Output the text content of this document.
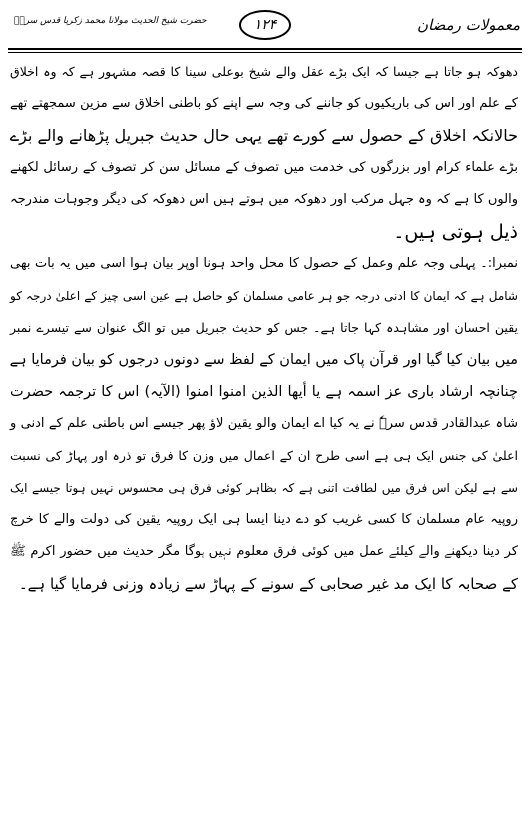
معمولات رمضان
۱۲۴
حضرت شیخ الحدیث مولانا محمد زکریا قدس سرہٗ
دھوکہ ہو جاتا ہے جیسا کہ ایک بڑے عقل والے شیخ بوعلی سینا کا قصہ مشہور ہے کہ وہ اخلاق
کے علم اور اس کی باریکیوں کو جاننے کی وجہ سے اپنے کو باطنی اخلاق سے مزین سمجھتے تھے
حالانکہ اخلاق کے حصول سے کورے تھے یہی حال حدیث جبریل پڑھانے والے بڑے
بڑے علماء کرام اور بزرگوں کی خدمت میں تصوف کے مسائل سن کر تصوف کے رسائل لکھنے
والوں کا ہے کہ وہ جہل مرکب اور دھوکہ میں ہوتے ہیں اس دھوکہ کی دیگر وجوہات مندرجہ
ذیل ہوتی ہیں۔
نمبرا:۔ پہلی وجہ علم وعمل کے حصول کا محل واحد ہونا اوپر بیان ہوا اسی میں یہ بات بھی
شامل ہے کہ ایمان کا ادنی درجہ جو ہر عامی مسلمان کو حاصل ہے عین اسی چیز کے اعلیٰ درجہ کو
یقین احسان اور مشاہدہ کہا جاتا ہے۔ جس کو حدیث جبریل میں تو الگ عنوان سے تیسرے نمبر
میں بیان کیا گیا اور قرآن پاک میں ایمان کے لفظ سے دونوں درجوں کو بیان فرمایا ہے
چنانچہ ارشاد باری عز اسمہ ہے یا أیھا الذین امنوا امنوا (الآیہ) اس کا ترجمہ حضرت
شاہ عبدالقادر قدس سرہٗ نے یہ کیا اے ایمان والو یقین لاؤ پھر جیسے اس باطنی علم کے ادنی و
اعلیٰ کی جنس ایک ہی ہے اسی طرح ان کے اعمال میں وزن کا فرق تو ذرہ اور پہاڑ کی نسبت
سے ہے لیکن اس فرق میں لطافت اتنی ہے کہ بظاہر کوئی فرق ہی محسوس نہیں ہوتا جیسے ایک
روپیہ عام مسلمان کا کسی غریب کو دے دینا ایسا ہی ایک روپیہ یقین کی دولت والے کا خرچ
کر دینا دیکھنے والے کیلئے عمل میں کوئی فرق معلوم نہیں ہوگا مگر حدیث میں حضور اکرم ﷺ
کے صحابہ کا ایک مد غیر صحابی کے سونے کے پہاڑ سے زیادہ وزنی فرمایا گیا ہے۔
